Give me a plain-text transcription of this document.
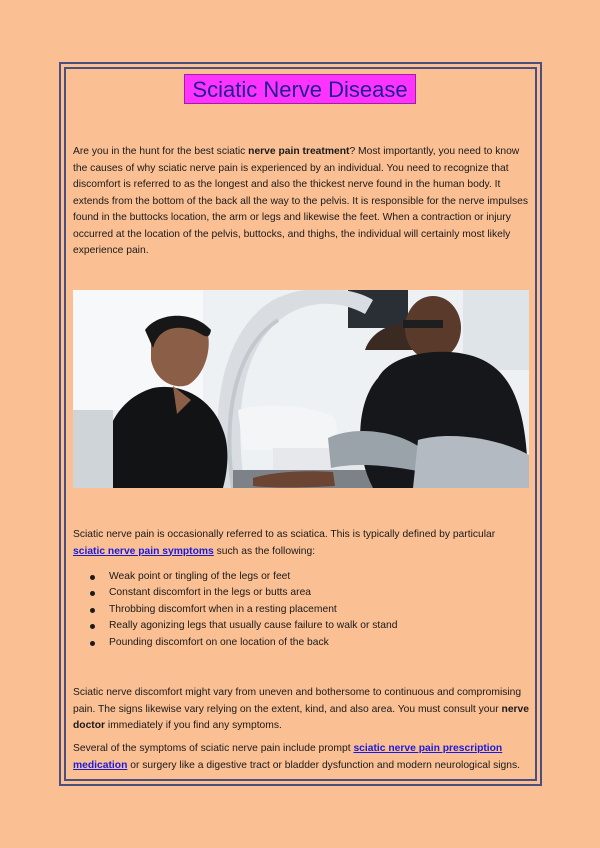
Sciatic Nerve Disease

Are you in the hunt for the best sciatic nerve pain treatment? Most importantly, you need to know the causes of why sciatic nerve pain is experienced by an individual. You need to recognize that discomfort is referred to as the longest and also the thickest nerve found in the human body. It extends from the bottom of the back all the way to the pelvis. It is responsible for the nerve impulses found in the buttocks location, the arm or legs and likewise the feet. When a contraction or injury occurred at the location of the pelvis, buttocks, and thighs, the individual will certainly most likely experience pain.

Sciatic nerve pain is occasionally referred to as sciatica. This is typically defined by particular sciatic nerve pain symptoms such as the following:

Weak point or tingling of the legs or feet
Constant discomfort in the legs or butts area
Throbbing discomfort when in a resting placement
Really agonizing legs that usually cause failure to walk or stand
Pounding discomfort on one location of the back

Sciatic nerve discomfort might vary from uneven and bothersome to continuous and compromising pain. The signs likewise vary relying on the extent, kind, and also area. You must consult your nerve doctor immediately if you find any symptoms.

Several of the symptoms of sciatic nerve pain include prompt sciatic nerve pain prescription medication or surgery like a digestive tract or bladder dysfunction and modern neurological signs.
